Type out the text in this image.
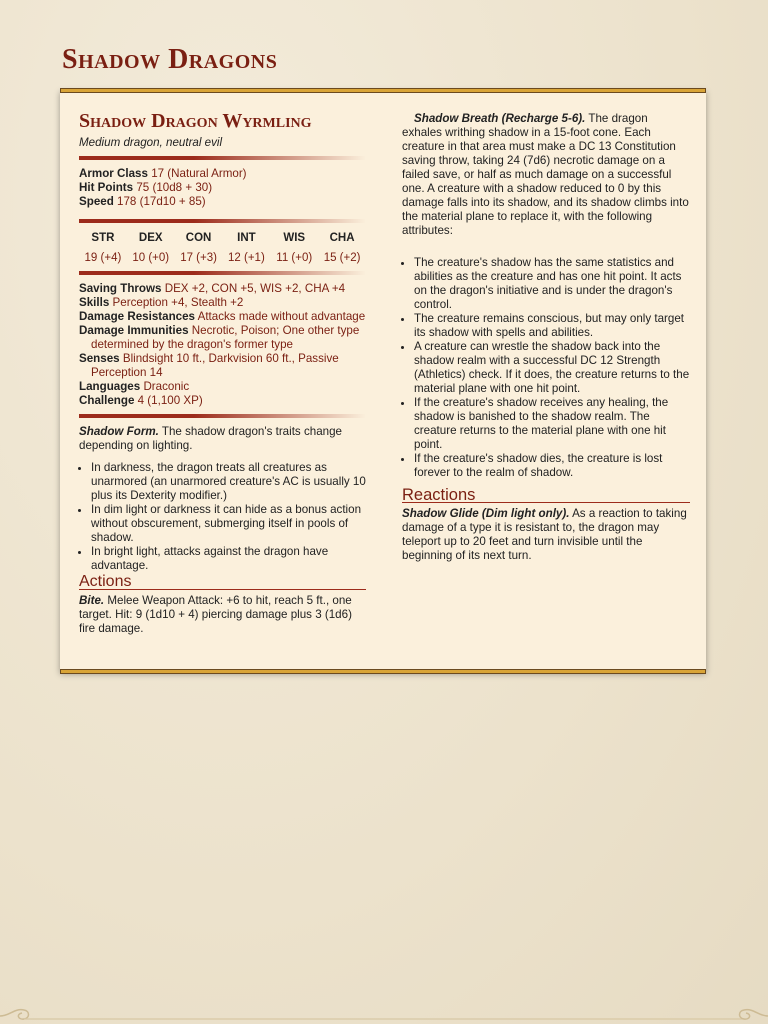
Shadow Dragons
Shadow Dragon Wyrmling
Medium dragon, neutral evil
Armor Class 17 (Natural Armor)
Hit Points 75 (10d8 + 30)
Speed 178 (17d10 + 85)
STR
19 (+4)
DEX
10 (+0)
CON
17 (+3)
INT
12 (+1)
WIS
11 (+0)
CHA
15 (+2)
Saving Throws DEX +2, CON +5, WIS +2, CHA +4
Skills Perception +4, Stealth +2
Damage Resistances Attacks made without advantage
Damage Immunities Necrotic, Poison; One other type determined by the dragon's former type
Senses Blindsight 10 ft., Darkvision 60 ft., Passive Perception 14
Languages Draconic
Challenge 4 (1,100 XP)
Shadow Form. The shadow dragon's traits change depending on lighting.
• In darkness, the dragon treats all creatures as unarmored (an unarmored creature's AC is usually 10 plus its Dexterity modifier.)
• In dim light or darkness it can hide as a bonus action without obscurement, submerging itself in pools of shadow.
• In bright light, attacks against the dragon have advantage.
Actions
Bite. Melee Weapon Attack: +6 to hit, reach 5 ft., one target. Hit: 9 (1d10 + 4) piercing damage plus 3 (1d6) fire damage.
Shadow Breath (Recharge 5-6). The dragon exhales writhing shadow in a 15-foot cone. Each creature in that area must make a DC 13 Constitution saving throw, taking 24 (7d6) necrotic damage on a failed save, or half as much damage on a successful one. A creature with a shadow reduced to 0 by this damage falls into its shadow, and its shadow climbs into the material plane to replace it, with the following attributes:
• The creature's shadow has the same statistics and abilities as the creature and has one hit point. It acts on the dragon's initiative and is under the dragon's control.
• The creature remains conscious, but may only target its shadow with spells and abilities.
• A creature can wrestle the shadow back into the shadow realm with a successful DC 12 Strength (Athletics) check. If it does, the creature returns to the material plane with one hit point.
• If the creature's shadow receives any healing, the shadow is banished to the shadow realm. The creature returns to the material plane with one hit point.
• If the creature's shadow dies, the creature is lost forever to the realm of shadow.
Reactions
Shadow Glide (Dim light only). As a reaction to taking damage of a type it is resistant to, the dragon may teleport up to 20 feet and turn invisible until the beginning of its next turn.
